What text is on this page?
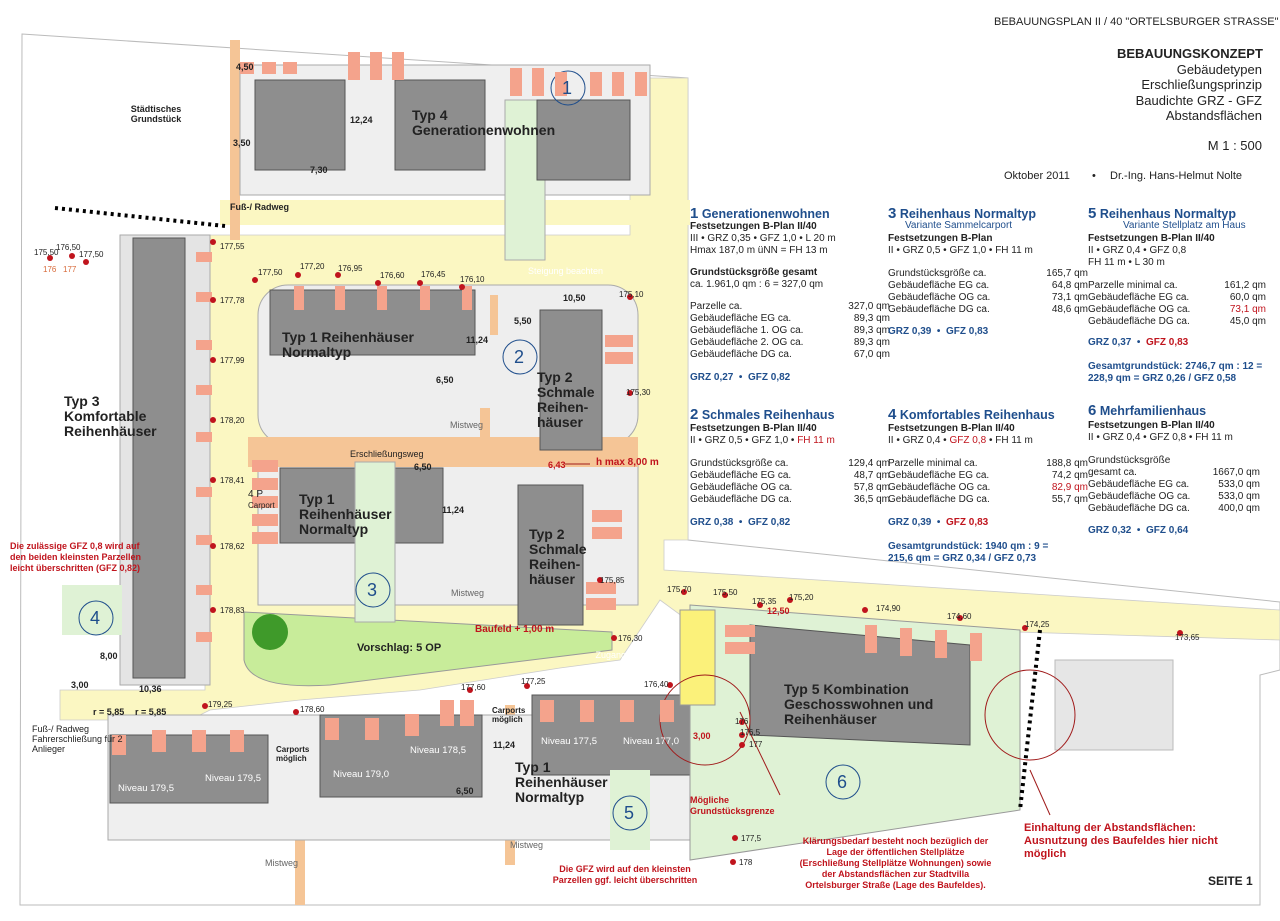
BEBAUUNGSPLAN II / 40 "ORTELSBURGER STRASSE"
BEBAUUNGSKONZEPT
Gebäudetypen
Erschließungsprinzip
Baudichte GRZ - GFZ
Abstandsflächen
M 1 : 500
Oktober 2011 • Dr.-Ing. Hans-Helmut Nolte
1 Generationenwohnen
Festsetzungen B-Plan II/40
III • GRZ 0,35 • GFZ 1,0 • L 20 m
Hmax 187,0 m üNN = FH 13 m
Grundstücksgröße gesamt
ca. 1.961,0 qm : 6 = 327,0 qm
Parzelle ca.	327,0 qm
Gebäudefläche EG ca.	89,3 qm
Gebäudefläche 1. OG ca.	89,3 qm
Gebäudefläche 2. OG ca.	89,3 qm
Gebäudefläche DG ca.	67,0 qm
GRZ 0,27  •  GFZ 0,82
2 Schmales Reihenhaus
Festsetzungen B-Plan II/40
II • GRZ 0,5 • GFZ 1,0 • FH 11 m
Grundstücksgröße ca.	129,4 qm
Gebäudefläche EG ca.	48,7 qm
Gebäudefläche OG ca.	57,8 qm
Gebäudefläche DG ca.	36,5 qm
GRZ 0,38  •  GFZ 0,82
3 Reihenhaus Normaltyp
Variante Sammelcarport
Festsetzungen B-Plan
II • GRZ 0,5 • GFZ 1,0 • FH 11 m
Grundstücksgröße ca.	165,7 qm
Gebäudefläche EG ca.	64,8 qm
Gebäudefläche OG ca.	73,1 qm
Gebäudefläche DG ca.	48,6 qm
GRZ 0,39  •  GFZ 0,83
4 Komfortables Reihenhaus
Festsetzungen B-Plan II/40
II • GRZ 0,4 • GFZ 0,8 • FH 11 m
Parzelle minimal ca.	188,8 qm
Gebäudefläche EG ca.	74,2 qm
Gebäudefläche OG ca.	82,9 qm
Gebäudefläche DG ca.	55,7 qm
GRZ 0,39  •  GFZ 0,83
Gesamtgrundstück: 1940 qm : 9 =
215,6 qm = GRZ 0,34 / GFZ 0,73
5 Reihenhaus Normaltyp
Variante Stellplatz am Haus
Festsetzungen B-Plan II/40
II • GRZ 0,4 • GFZ 0,8
FH 11 m • L 30 m
Parzelle minimal ca.	161,2 qm
Gebäudefläche EG ca.	60,0 qm
Gebäudefläche OG ca.	73,1 qm
Gebäudefläche DG ca.	45,0 qm
GRZ 0,37  •  GFZ 0,83
Gesamtgrundstück: 2746,7 qm : 12 =
228,9 qm = GRZ 0,26 / GFZ 0,58
6 Mehrfamilienhaus
Festsetzungen B-Plan II/40
II • GRZ 0,4 • GFZ 0,8 • FH 11 m
Grundstücksgröße
gesamt ca.	1667,0 qm
Gebäudefläche EG ca.	533,0 qm
Gebäudefläche OG ca.	533,0 qm
Gebäudefläche DG ca.	400,0 qm
GRZ 0,32  •  GFZ 0,64
Städtisches Grundstück	Typ 4 Generationenwohnen
Typ 3 Komfortable Reihenhäuser
Typ 1 Reihenhäuser Normaltyp
Typ 2 Schmale Reihen-häuser
Typ 1 Reihenhäuser Normaltyp	Typ 2 Schmale Reihen-häuser
Typ 1 Reihenhäuser Normaltyp
Typ 5 Kombination Geschosswohnen und Reihenhäuser
Fuß-/ Radweg
Steigung beachten
Erschließungsweg
Mistweg
Mistweg
Mistweg
Mistweg
4 P
Carport
Carports möglich
Carports möglich
Vorschlag: 5 OP
Baufeld + 1,00 m
h max 8,00 m
Zugang mit dem "Platz"
Fuß-/ Radweg Fahrerschließung für 2 Anlieger
Die zulässige GFZ 0,8 wird auf den beiden kleinsten Parzellen leicht überschritten (GFZ 0,82)
Die GFZ wird auf den kleinsten Parzellen ggf. leicht überschritten
Mögliche Grundstücksgrenze
Klärungsbedarf besteht noch bezüglich der Lage der öffentlichen Stellplätze (Erschließung Stellplätze Wohnungen) sowie der Abstandsflächen zur Stadtvilla Ortelsburger Straße (Lage des Baufeldes).
Einhaltung der Abstandsflächen: Ausnutzung des Baufeldes hier nicht möglich
SEITE 1
Niveau 179,5
Niveau 179,5	Niveau 179,0
Niveau 178,5
Niveau 177,5	Niveau 177,0
1
2
3
4
5
6
4,50
3,50
7,30
12,24
10,50
5,50
11,24
6,50
6,50
11,24
6,43
8,00
3,00	10,36
r = 5,85 r = 5,85
11,24
6,50
12,50
3,00
175,50
176,50
177,50
176 177
177,55
177,50
177,20 176,95
176,60 176,45
176,10
175,10
177,78
177,99
175,30
178,20
178,41
178,62
175,85
178,83
176,30
175,70	175,50
175,35 175,20
174,90
174,60
174,25
173,65
176,40
177,60
177,25
178,60
179,25
176
176,5
177
177,5
178
